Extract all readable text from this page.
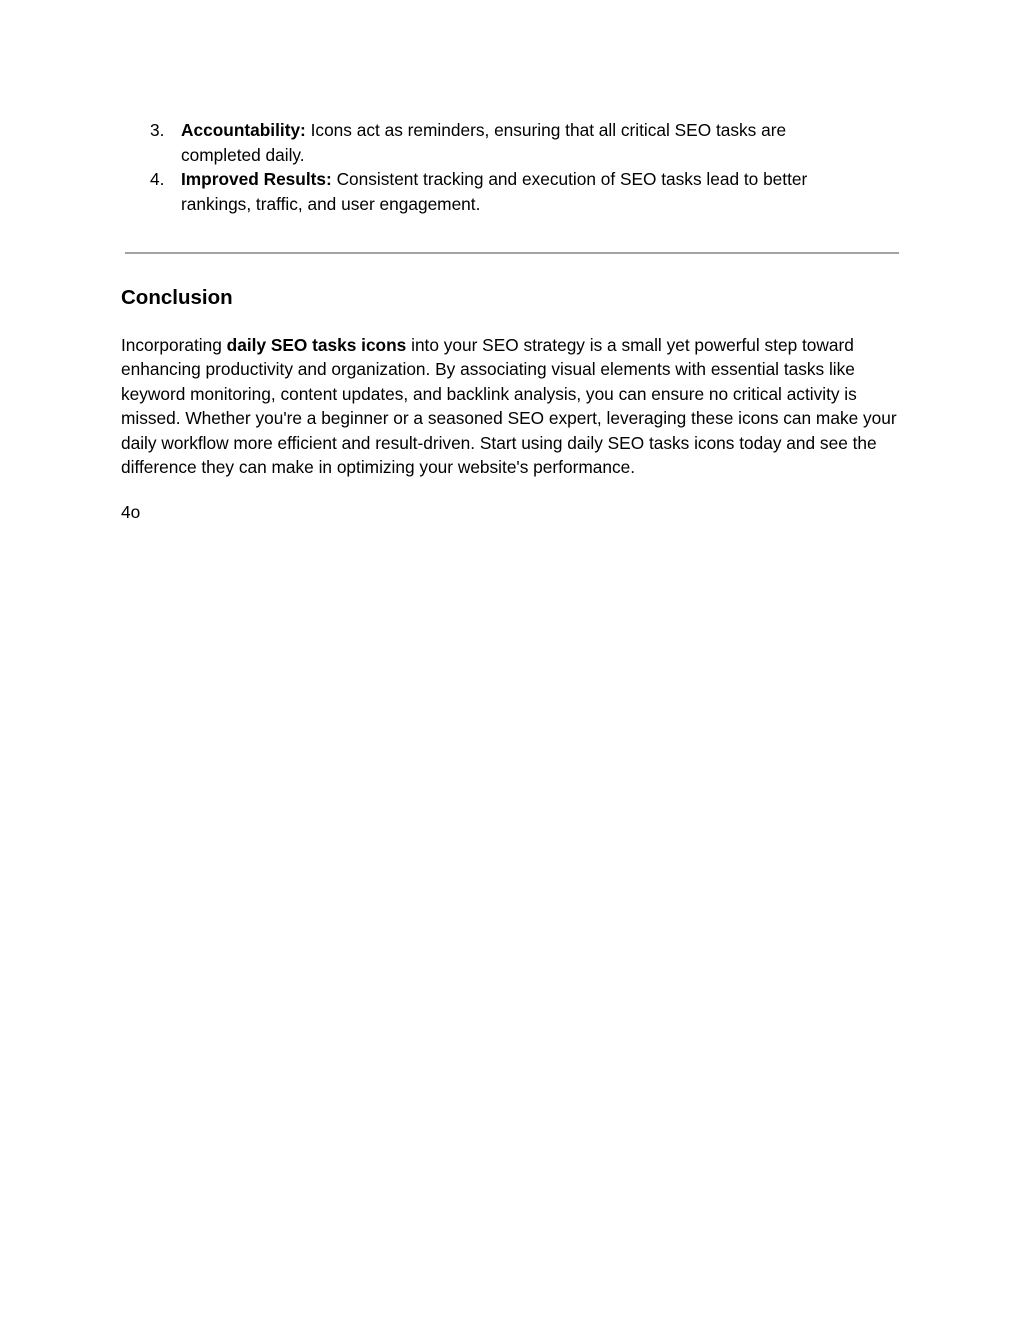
3. Accountability: Icons act as reminders, ensuring that all critical SEO tasks are completed daily.
4. Improved Results: Consistent tracking and execution of SEO tasks lead to better rankings, traffic, and user engagement.
Conclusion

Incorporating daily SEO tasks icons into your SEO strategy is a small yet powerful step toward enhancing productivity and organization. By associating visual elements with essential tasks like keyword monitoring, content updates, and backlink analysis, you can ensure no critical activity is missed. Whether you're a beginner or a seasoned SEO expert, leveraging these icons can make your daily workflow more efficient and result-driven. Start using daily SEO tasks icons today and see the difference they can make in optimizing your website's performance.

4o
